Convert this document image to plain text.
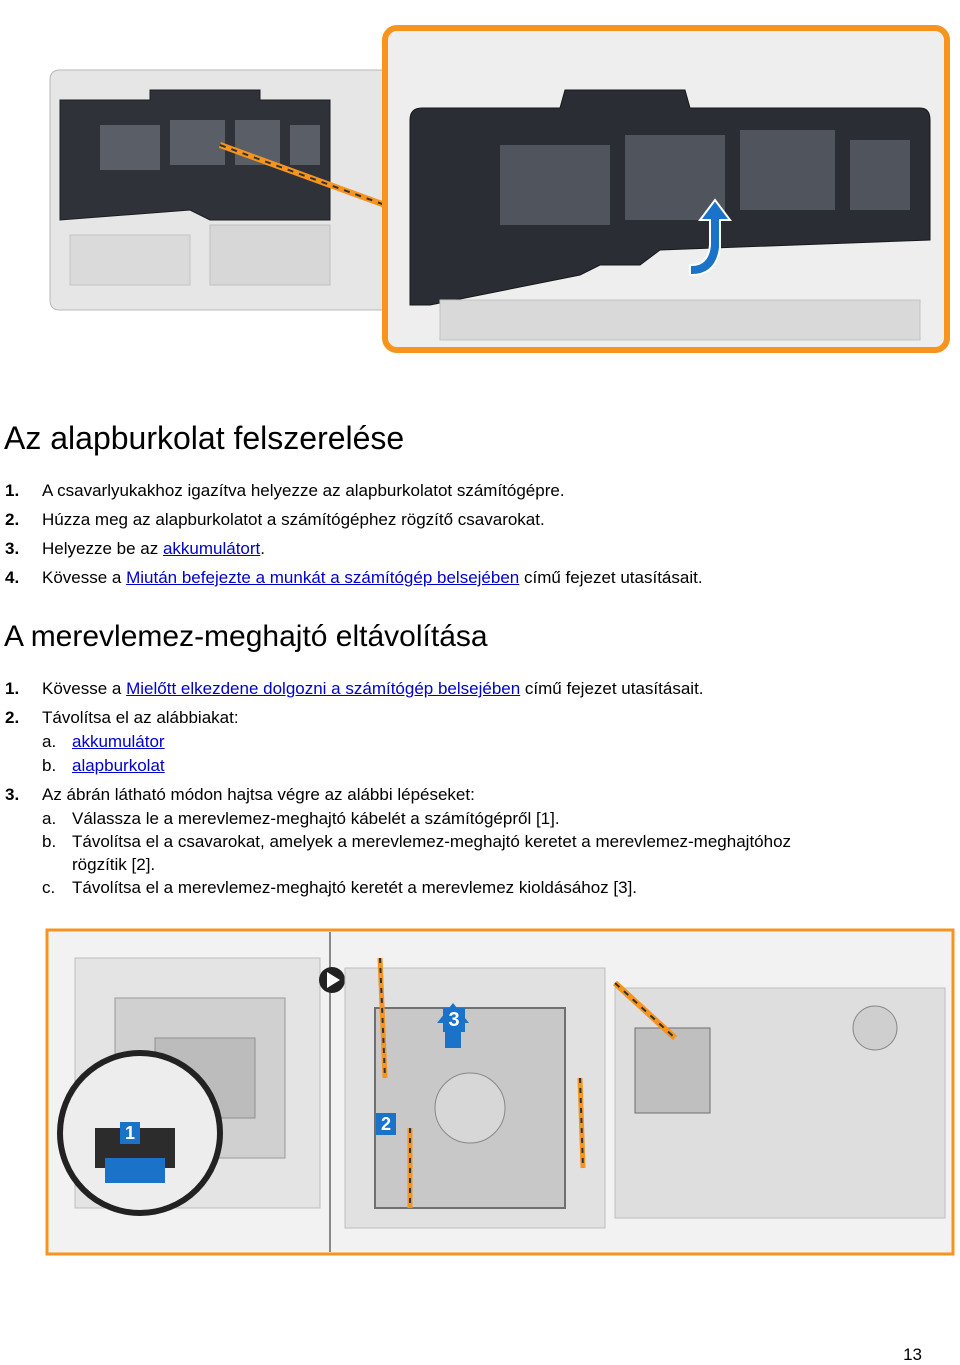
Az alapburkolat felszerelése
1. A csavarlyukakhoz igazítva helyezze az alapburkolatot számítógépre.
2. Húzza meg az alapburkolatot a számítógéphez rögzítő csavarokat.
3. Helyezze be az akkumulátort.
4. Kövesse a Miután befejezte a munkát a számítógép belsejében című fejezet utasításait.
A merevlemez-meghajtó eltávolítása
1. Kövesse a Mielőtt elkezdene dolgozni a számítógép belsejében című fejezet utasításait.
2. Távolítsa el az alábbiakat:
a. akkumulátor
b. alapburkolat
3. Az ábrán látható módon hajtsa végre az alábbi lépéseket:
a. Válassza le a merevlemez-meghajtó kábelét a számítógépről [1].
b. Távolítsa el a csavarokat, amelyek a merevlemez-meghajtó keretet a merevlemez-meghajtóhoz
rögzítik [2].
c. Távolítsa el a merevlemez-meghajtó keretét a merevlemez kioldásához [3].
1	2
3
13
